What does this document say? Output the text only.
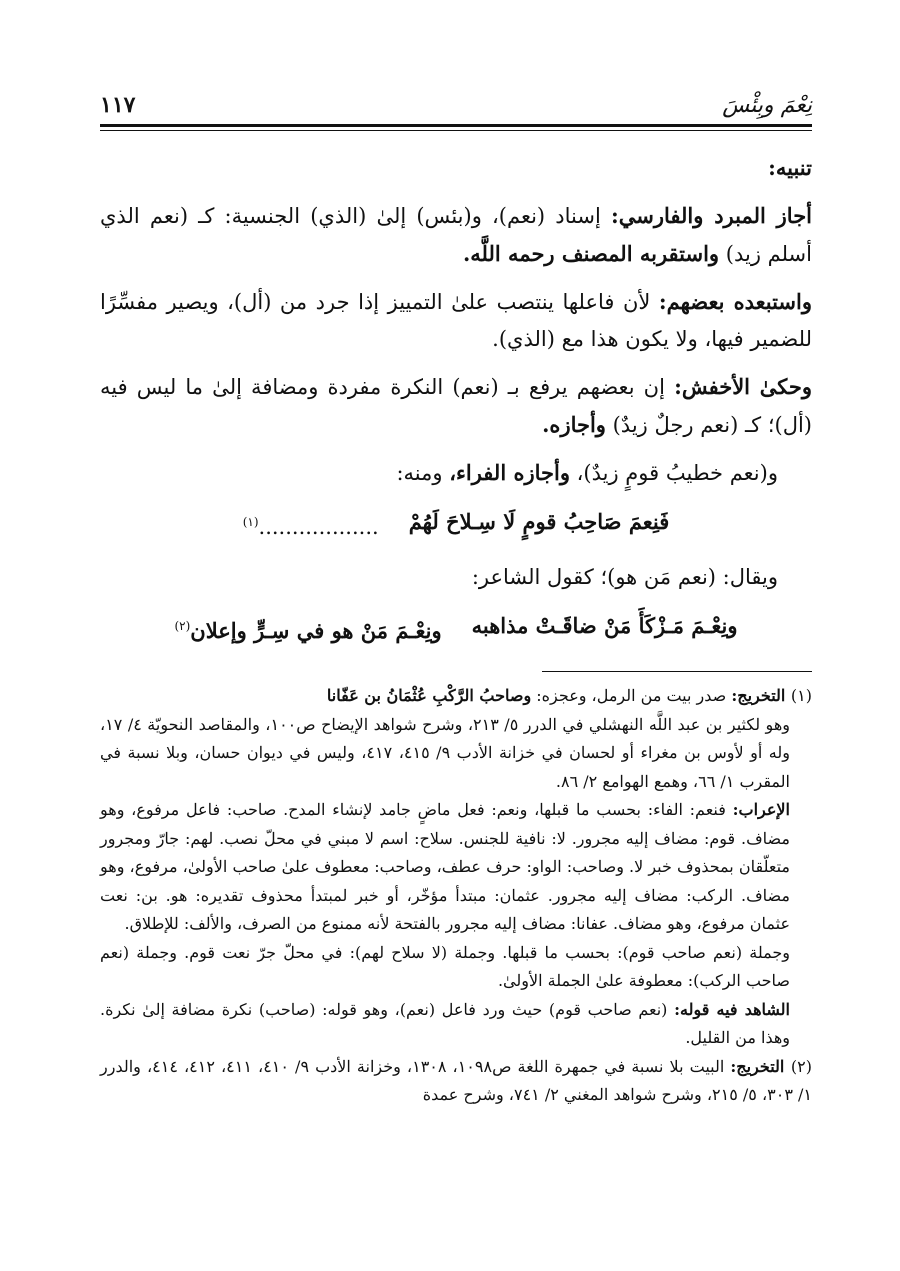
نِعْمَ وبِئْسَ
١١٧

تنبيه:

أجاز المبرد والفارسي: إسناد (نعم)، و(بئس) إلىٰ (الذي) الجنسية: كـ (نعم الذي أسلم زيد) واستقربه المصنف رحمه اللَّه.

واستبعده بعضهم: لأن فاعلها ينتصب علىٰ التمييز إذا جرد من (أل)، ويصير مفسِّرًا للضمير فيها، ولا يكون هذا مع (الذي).

وحكىٰ الأخفش: إن بعضهم يرفع بـ (نعم) النكرة مفردة ومضافة إلىٰ ما ليس فيه (أل)؛ كـ (نعم رجلٌ زيدٌ) وأجازه.

و(نعم خطيبُ قومٍ زيدٌ)، وأجازه الفراء، ومنه:

فَنِعمَ صَاحِبُ قومٍ لَا سِـلاحَ لَهُمْ
..................$^{(١)}$

ويقال: (نعم مَن هو)؛ كقول الشاعر:

ونِعْـمَ مَـزْكَأَ مَنْ ضاقَـتْ مذاهبه
ونِعْـمَ مَنْ هو في سِـرٍّ وإعلان$^{(٢)}$

(١) التخريج: صدر بيت من الرمل، وعجزه: وصاحبُ الرَّكْبِ عُثْمَانُ بن عَفّانا

وهو لكثير بن عبد اللَّه النهشلي في الدرر ٥/ ٢١٣، وشرح شواهد الإيضاح ص١٠٠، والمقاصد النحويّة ٤/ ١٧، وله أو لأوس بن مغراء أو لحسان في خزانة الأدب ٩/ ٤١٥، ٤١٧، وليس في ديوان حسان، وبلا نسبة في المقرب ١/ ٦٦، وهمع الهوامع ٢/ ٨٦.

الإعراب: فنعم: الفاء: بحسب ما قبلها، ونعم: فعل ماضٍ جامد لإنشاء المدح. صاحب: فاعل مرفوع، وهو مضاف. قوم: مضاف إليه مجرور. لا: نافية للجنس. سلاح: اسم لا مبني في محلّ نصب. لهم: جارّ ومجرور متعلّقان بمحذوف خبر لا. وصاحب: الواو: حرف عطف، وصاحب: معطوف علىٰ صاحب الأولىٰ، مرفوع، وهو مضاف. الركب: مضاف إليه مجرور. عثمان: مبتدأ مؤخّر، أو خبر لمبتدأ محذوف تقديره: هو. بن: نعت عثمان مرفوع، وهو مضاف. عفانا: مضاف إليه مجرور بالفتحة لأنه ممنوع من الصرف، والألف: للإطلاق.

وجملة (نعم صاحب قوم): بحسب ما قبلها. وجملة (لا سلاح لهم): في محلّ جرّ نعت قوم. وجملة (نعم صاحب الركب): معطوفة علىٰ الجملة الأولىٰ.

الشاهد فيه قوله: (نعم صاحب قوم) حيث ورد فاعل (نعم)، وهو قوله: (صاحب) نكرة مضافة إلىٰ نكرة. وهذا من القليل.

(٢) التخريج: البيت بلا نسبة في جمهرة اللغة ص١٠٩٨، ١٣٠٨، وخزانة الأدب ٩/ ٤١٠، ٤١١، ٤١٢، ٤١٤، والدرر ١/ ٣٠٣، ٥/ ٢١٥، وشرح شواهد المغني ٢/ ٧٤١، وشرح عمدة
